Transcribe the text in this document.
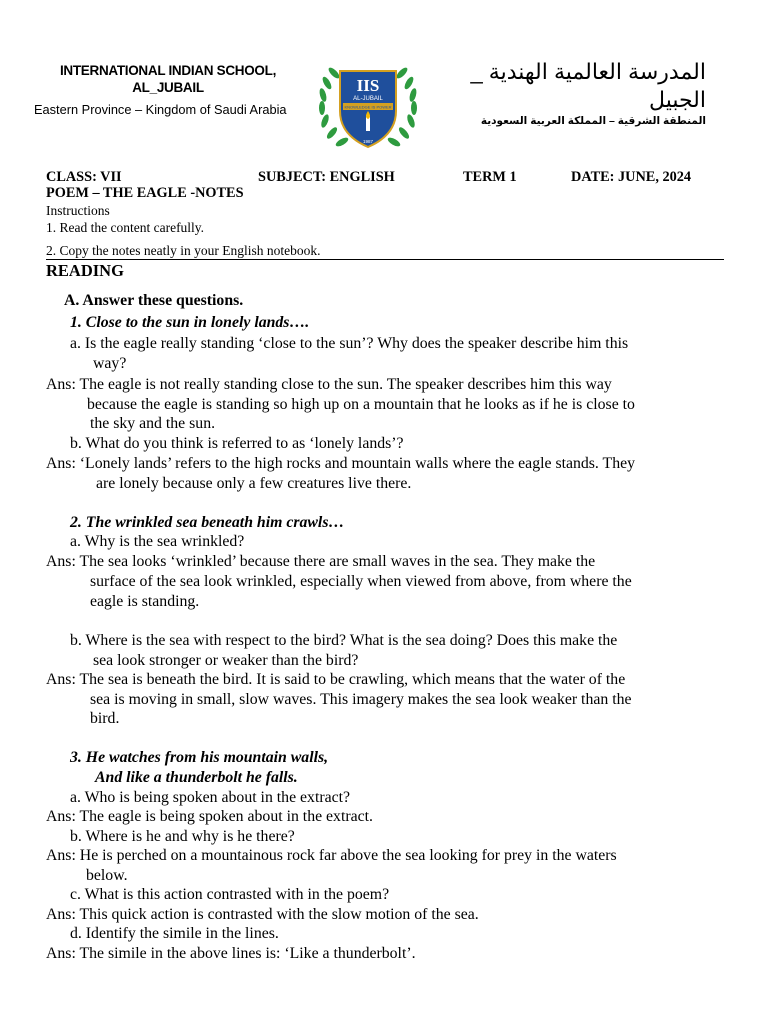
INTERNATIONAL INDIAN SCHOOL,
AL_JUBAIL
Eastern Province – Kingdom of Saudi Arabia
IIS
AL-JUBAIL
KNOWLEDGE IS POWER
1987
المدرسة العالمية الهندية _ الجبيل
المنطقة الشرقية – المملكة العربية السعودية
CLASS: VII	SUBJECT: ENGLISH	TERM 1	DATE: JUNE, 2024
POEM – THE EAGLE -NOTES
Instructions
1. Read the content carefully.
2. Copy the notes neatly in your English notebook.
READING
A. Answer these questions.
1. Close to the sun in lonely lands….
a. Is the eagle really standing ‘close to the sun’? Why does the speaker describe him this
way?
Ans: The eagle is not really standing close to the sun. The speaker describes him this way
because the eagle is standing so high up on a mountain that he looks as if he is close to
the sky and the sun.
b. What do you think is referred to as ‘lonely lands’?
Ans: ‘Lonely lands’ refers to the high rocks and mountain walls where the eagle stands. They
are lonely because only a few creatures live there.
2. The wrinkled sea beneath him crawls…
a. Why is the sea wrinkled?
Ans: The sea looks ‘wrinkled’ because there are small waves in the sea. They make the
surface of the sea look wrinkled, especially when viewed from above, from where the
eagle is standing.
b. Where is the sea with respect to the bird? What is the sea doing? Does this make the
sea look stronger or weaker than the bird?
Ans: The sea is beneath the bird. It is said to be crawling, which means that the water of the
sea is moving in small, slow waves. This imagery makes the sea look weaker than the
bird.
3. He watches from his mountain walls,
And like a thunderbolt he falls.
a. Who is being spoken about in the extract?
Ans: The eagle is being spoken about in the extract.
b. Where is he and why is he there?
Ans: He is perched on a mountainous rock far above the sea looking for prey in the waters
below.
c. What is this action contrasted with in the poem?
Ans: This quick action is contrasted with the slow motion of the sea.
d. Identify the simile in the lines.
Ans: The simile in the above lines is: ‘Like a thunderbolt’.
